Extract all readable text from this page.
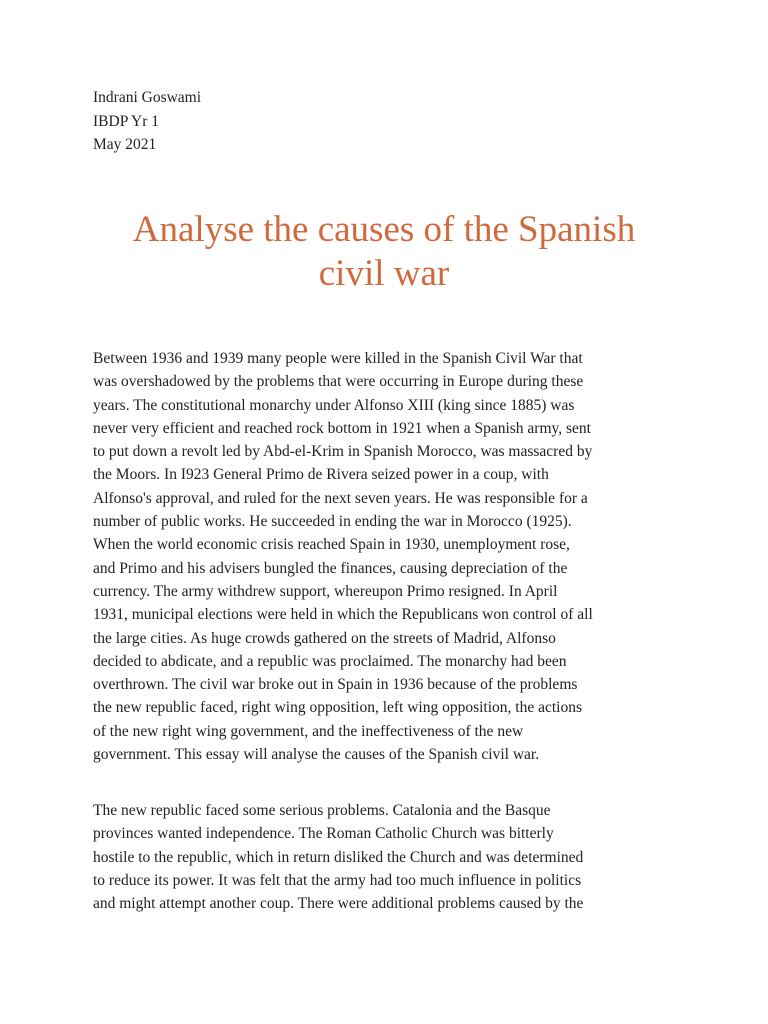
Indrani Goswami
IBDP Yr 1
May 2021
Analyse the causes of the Spanish
civil war

Between 1936 and 1939 many people were killed in the Spanish Civil War that
was overshadowed by the problems that were occurring in Europe during these
years. The constitutional monarchy under Alfonso XIII (king since 1885) was
never very efficient and reached rock bottom in 1921 when a Spanish army, sent
to put down a revolt led by Abd-el-Krim in Spanish Morocco, was massacred by
the Moors. In I923 General Primo de Rivera seized power in a coup, with
Alfonso's approval, and ruled for the next seven years. He was responsible for a
number of public works. He succeeded in ending the war in Morocco (1925).
When the world economic crisis reached Spain in 1930, unemployment rose,
and Primo and his advisers bungled the finances, causing depreciation of the
currency. The army withdrew support, whereupon Primo resigned. In April
1931, municipal elections were held in which the Republicans won control of all
the large cities. As huge crowds gathered on the streets of Madrid, Alfonso
decided to abdicate, and a republic was proclaimed. The monarchy had been
overthrown. The civil war broke out in Spain in 1936 because of the problems
the new republic faced, right wing opposition, left wing opposition, the actions
of the new right wing government, and the ineffectiveness of the new
government. This essay will analyse the causes of the Spanish civil war.

The new republic faced some serious problems. Catalonia and the Basque
provinces wanted independence. The Roman Catholic Church was bitterly
hostile to the republic, which in return disliked the Church and was determined
to reduce its power. It was felt that the army had too much influence in politics
and might attempt another coup. There were additional problems caused by the
